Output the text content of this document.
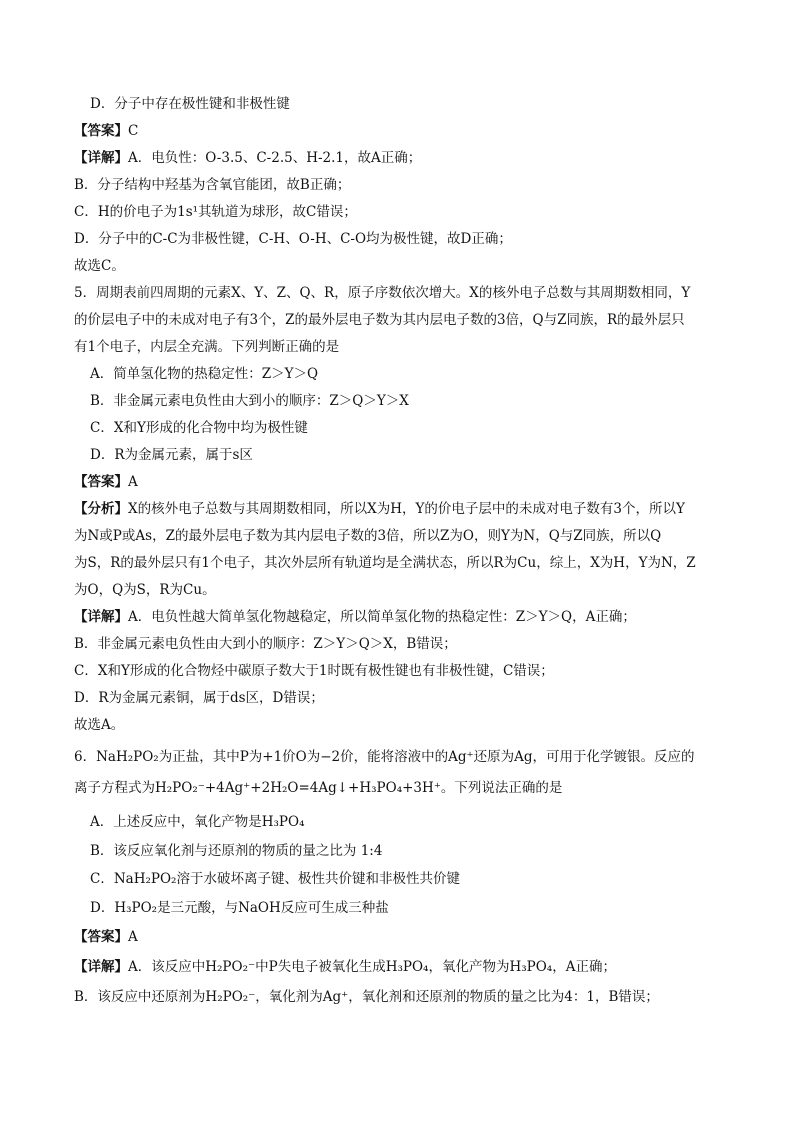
D．分子中存在极性键和非极性键
【答案】C
【详解】A．电负性：O-3.5、C-2.5、H-2.1，故A正确；
B．分子结构中羟基为含氧官能团，故B正确；
C．H的价电子为1s¹其轨道为球形，故C错误；
D．分子中的C-C为非极性键，C-H、O-H、C-O均为极性键，故D正确；
故选C。
5．周期表前四周期的元素X、Y、Z、Q、R，原子序数依次增大。X的核外电子总数与其周期数相同，Y
的价层电子中的未成对电子有3个，Z的最外层电子数为其内层电子数的3倍，Q与Z同族，R的最外层只
有1个电子，内层全充满。下列判断正确的是
A．简单氢化物的热稳定性：Z＞Y＞Q
B．非金属元素电负性由大到小的顺序：Z＞Q＞Y＞X
C．X和Y形成的化合物中均为极性键
D．R为金属元素，属于s区
【答案】A
【分析】X的核外电子总数与其周期数相同，所以X为H，Y的价电子层中的未成对电子数有3个，所以Y
为N或P或As，Z的最外层电子数为其内层电子数的3倍，所以Z为O，则Y为N，Q与Z同族，所以Q
为S，R的最外层只有1个电子，其次外层所有轨道均是全满状态，所以R为Cu，综上，X为H，Y为N，Z
为O，Q为S，R为Cu。
【详解】A．电负性越大简单氢化物越稳定，所以简单氢化物的热稳定性：Z＞Y＞Q，A正确；
B．非金属元素电负性由大到小的顺序：Z＞Y＞Q＞X，B错误；
C．X和Y形成的化合物烃中碳原子数大于1时既有极性键也有非极性键，C错误；
D．R为金属元素铜，属于ds区，D错误；
故选A。
6．NaH₂PO₂为正盐，其中P为+1价O为−2价，能将溶液中的Ag⁺还原为Ag，可用于化学镀银。反应的
离子方程式为H₂PO₂⁻+4Ag⁺+2H₂O=4Ag↓+H₃PO₄+3H⁺。下列说法正确的是
A．上述反应中，氧化产物是H₃PO₄
B．该反应氧化剂与还原剂的物质的量之比为 1:4
C．NaH₂PO₂溶于水破坏离子键、极性共价键和非极性共价键
D．H₃PO₂是三元酸，与NaOH反应可生成三种盐
【答案】A
【详解】A．该反应中H₂PO₂⁻中P失电子被氧化生成H₃PO₄，氧化产物为H₃PO₄，A正确；
B．该反应中还原剂为H₂PO₂⁻，氧化剂为Ag⁺，氧化剂和还原剂的物质的量之比为4：1，B错误；
